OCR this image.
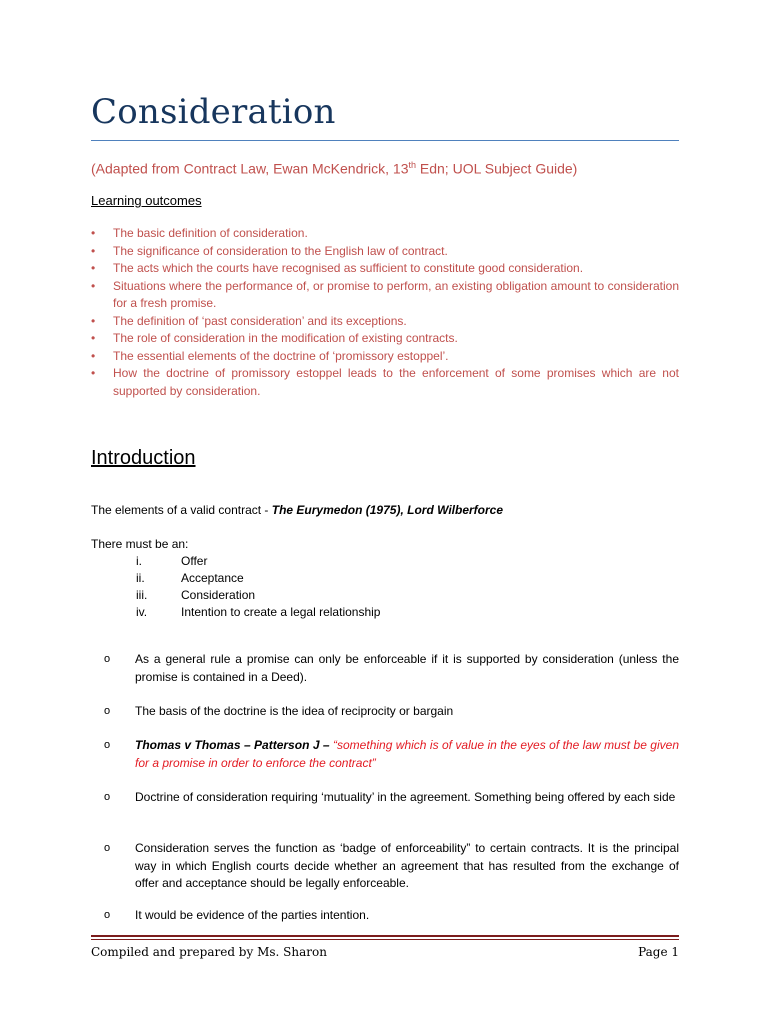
Consideration
(Adapted from Contract Law, Ewan McKendrick, 13th Edn; UOL Subject Guide)
Learning outcomes
• The basic definition of consideration.
• The significance of consideration to the English law of contract.
• The acts which the courts have recognised as sufficient to constitute good consideration.
• Situations where the performance of, or promise to perform, an existing obligation amount to consideration for a fresh promise.
• The definition of ‘past consideration’ and its exceptions.
• The role of consideration in the modification of existing contracts.
• The essential elements of the doctrine of ‘promissory estoppel’.
• How the doctrine of promissory estoppel leads to the enforcement of some promises which are not supported by consideration.
Introduction
The elements of a valid contract - The Eurymedon (1975), Lord Wilberforce
There must be an:
i.	Offer
ii.	Acceptance
iii.	Consideration
iv.	Intention to create a legal relationship
o As a general rule a promise can only be enforceable if it is supported by consideration (unless the promise is contained in a Deed).
o The basis of the doctrine is the idea of reciprocity or bargain
o Thomas v Thomas – Patterson J – “something which is of value in the eyes of the law must be given for a promise in order to enforce the contract”
o Doctrine of consideration requiring ‘mutuality’ in the agreement. Something being offered by each side
o Consideration serves the function as ‘badge of enforceability” to certain contracts. It is the principal way in which English courts decide whether an agreement that has resulted from the exchange of offer and acceptance should be legally enforceable.
o It would be evidence of the parties intention.
Compiled and prepared by Ms. Sharon	Page 1
